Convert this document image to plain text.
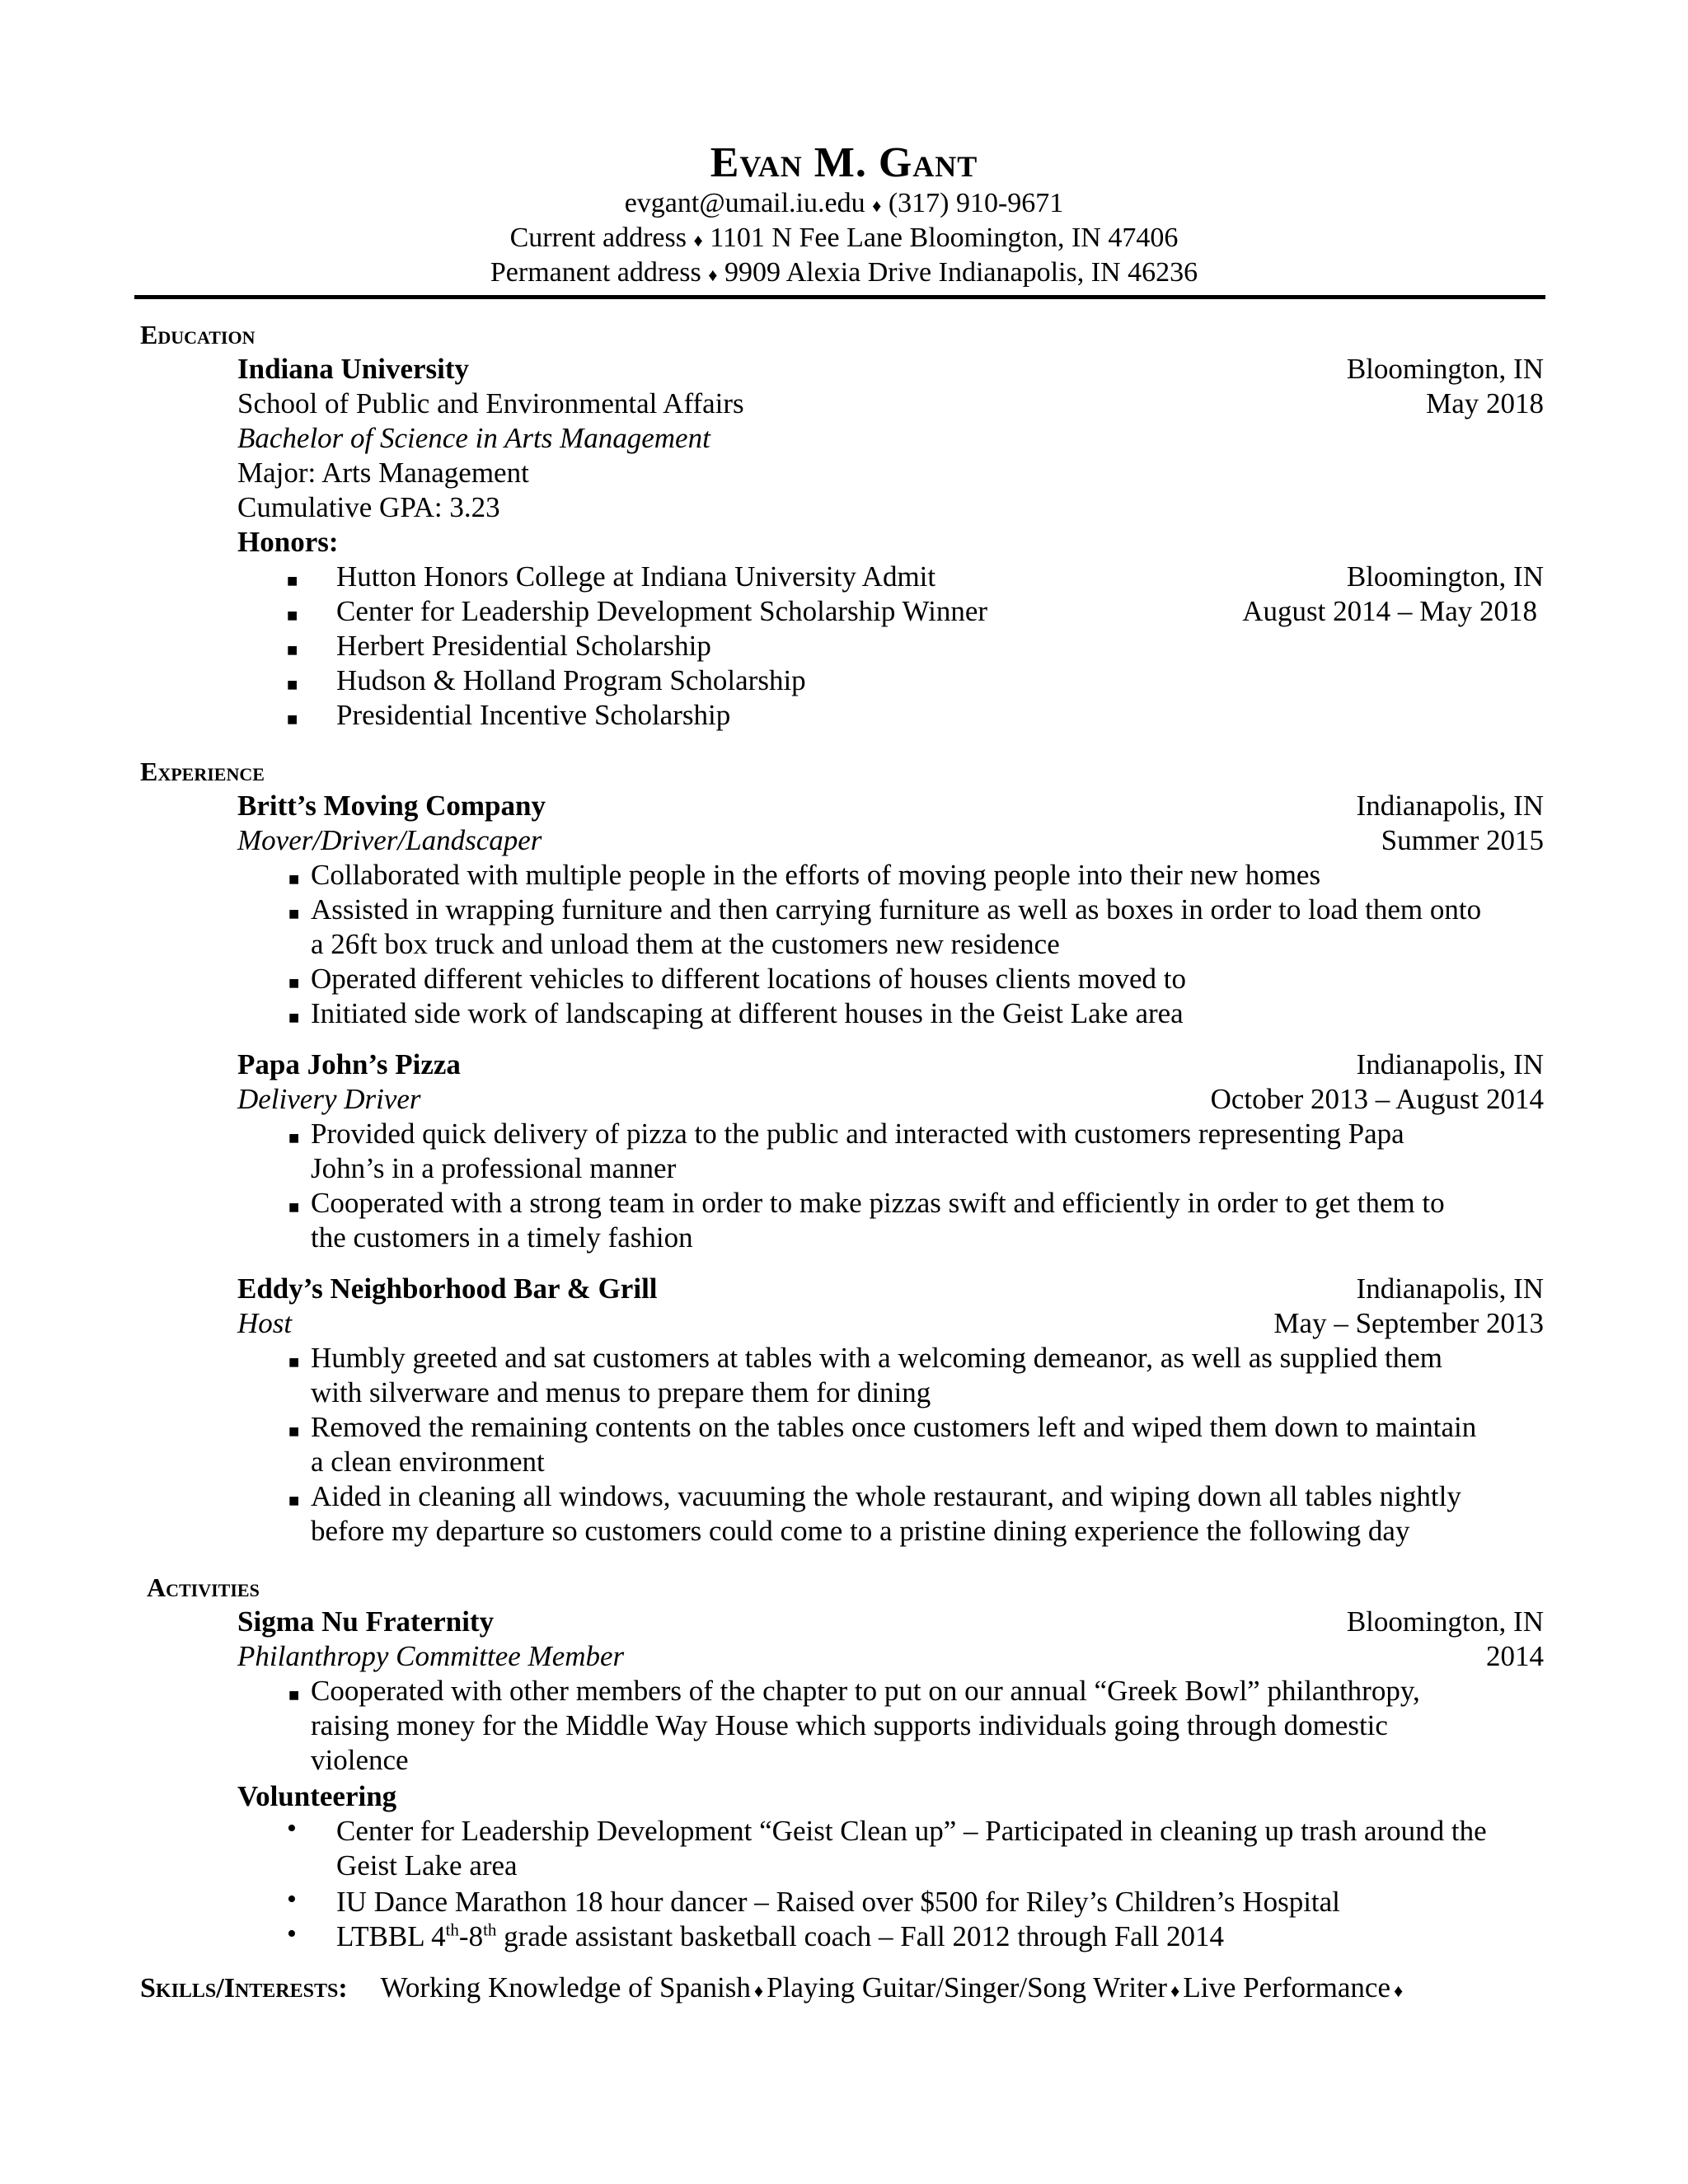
Evan M. Gant
evgant@umail.iu.edu ♦ (317) 910-9671
Current address ♦ 1101 N Fee Lane Bloomington, IN 47406
Permanent address ♦ 9909 Alexia Drive Indianapolis, IN 46236
Education
Indiana University	Bloomington, IN
School of Public and Environmental Affairs	May 2018
Bachelor of Science in Arts Management
Major: Arts Management
Cumulative GPA: 3.23
Honors:
■ Hutton Honors College at Indiana University Admit	Bloomington, IN
■ Center for Leadership Development Scholarship Winner	August 2014 – May 2018
■ Herbert Presidential Scholarship
■ Hudson & Holland Program Scholarship
■ Presidential Incentive Scholarship
Experience
Britt’s Moving Company	Indianapolis, IN
Mover/Driver/Landscaper	Summer 2015
■ Collaborated with multiple people in the efforts of moving people into their new homes
■ Assisted in wrapping furniture and then carrying furniture as well as boxes in order to load them onto
a 26ft box truck and unload them at the customers new residence
■ Operated different vehicles to different locations of houses clients moved to
■ Initiated side work of landscaping at different houses in the Geist Lake area
Papa John’s Pizza	Indianapolis, IN
Delivery Driver	October 2013 – August 2014
■ Provided quick delivery of pizza to the public and interacted with customers representing Papa
John’s in a professional manner
■ Cooperated with a strong team in order to make pizzas swift and efficiently in order to get them to
the customers in a timely fashion
Eddy’s Neighborhood Bar & Grill	Indianapolis, IN
Host	May – September 2013
■ Humbly greeted and sat customers at tables with a welcoming demeanor, as well as supplied them
with silverware and menus to prepare them for dining
■ Removed the remaining contents on the tables once customers left and wiped them down to maintain
a clean environment
■ Aided in cleaning all windows, vacuuming the whole restaurant, and wiping down all tables nightly
before my departure so customers could come to a pristine dining experience the following day
Activities
Sigma Nu Fraternity	Bloomington, IN
Philanthropy Committee Member	2014
■ Cooperated with other members of the chapter to put on our annual “Greek Bowl” philanthropy,
raising money for the Middle Way House which supports individuals going through domestic
violence
Volunteering
• Center for Leadership Development “Geist Clean up” – Participated in cleaning up trash around the
Geist Lake area
• IU Dance Marathon 18 hour dancer – Raised over $500 for Riley’s Children’s Hospital
• LTBBL 4th-8th grade assistant basketball coach – Fall 2012 through Fall 2014
Skills/Interests: Working Knowledge of Spanish ♦ Playing Guitar/Singer/Song Writer ♦ Live Performance ♦
